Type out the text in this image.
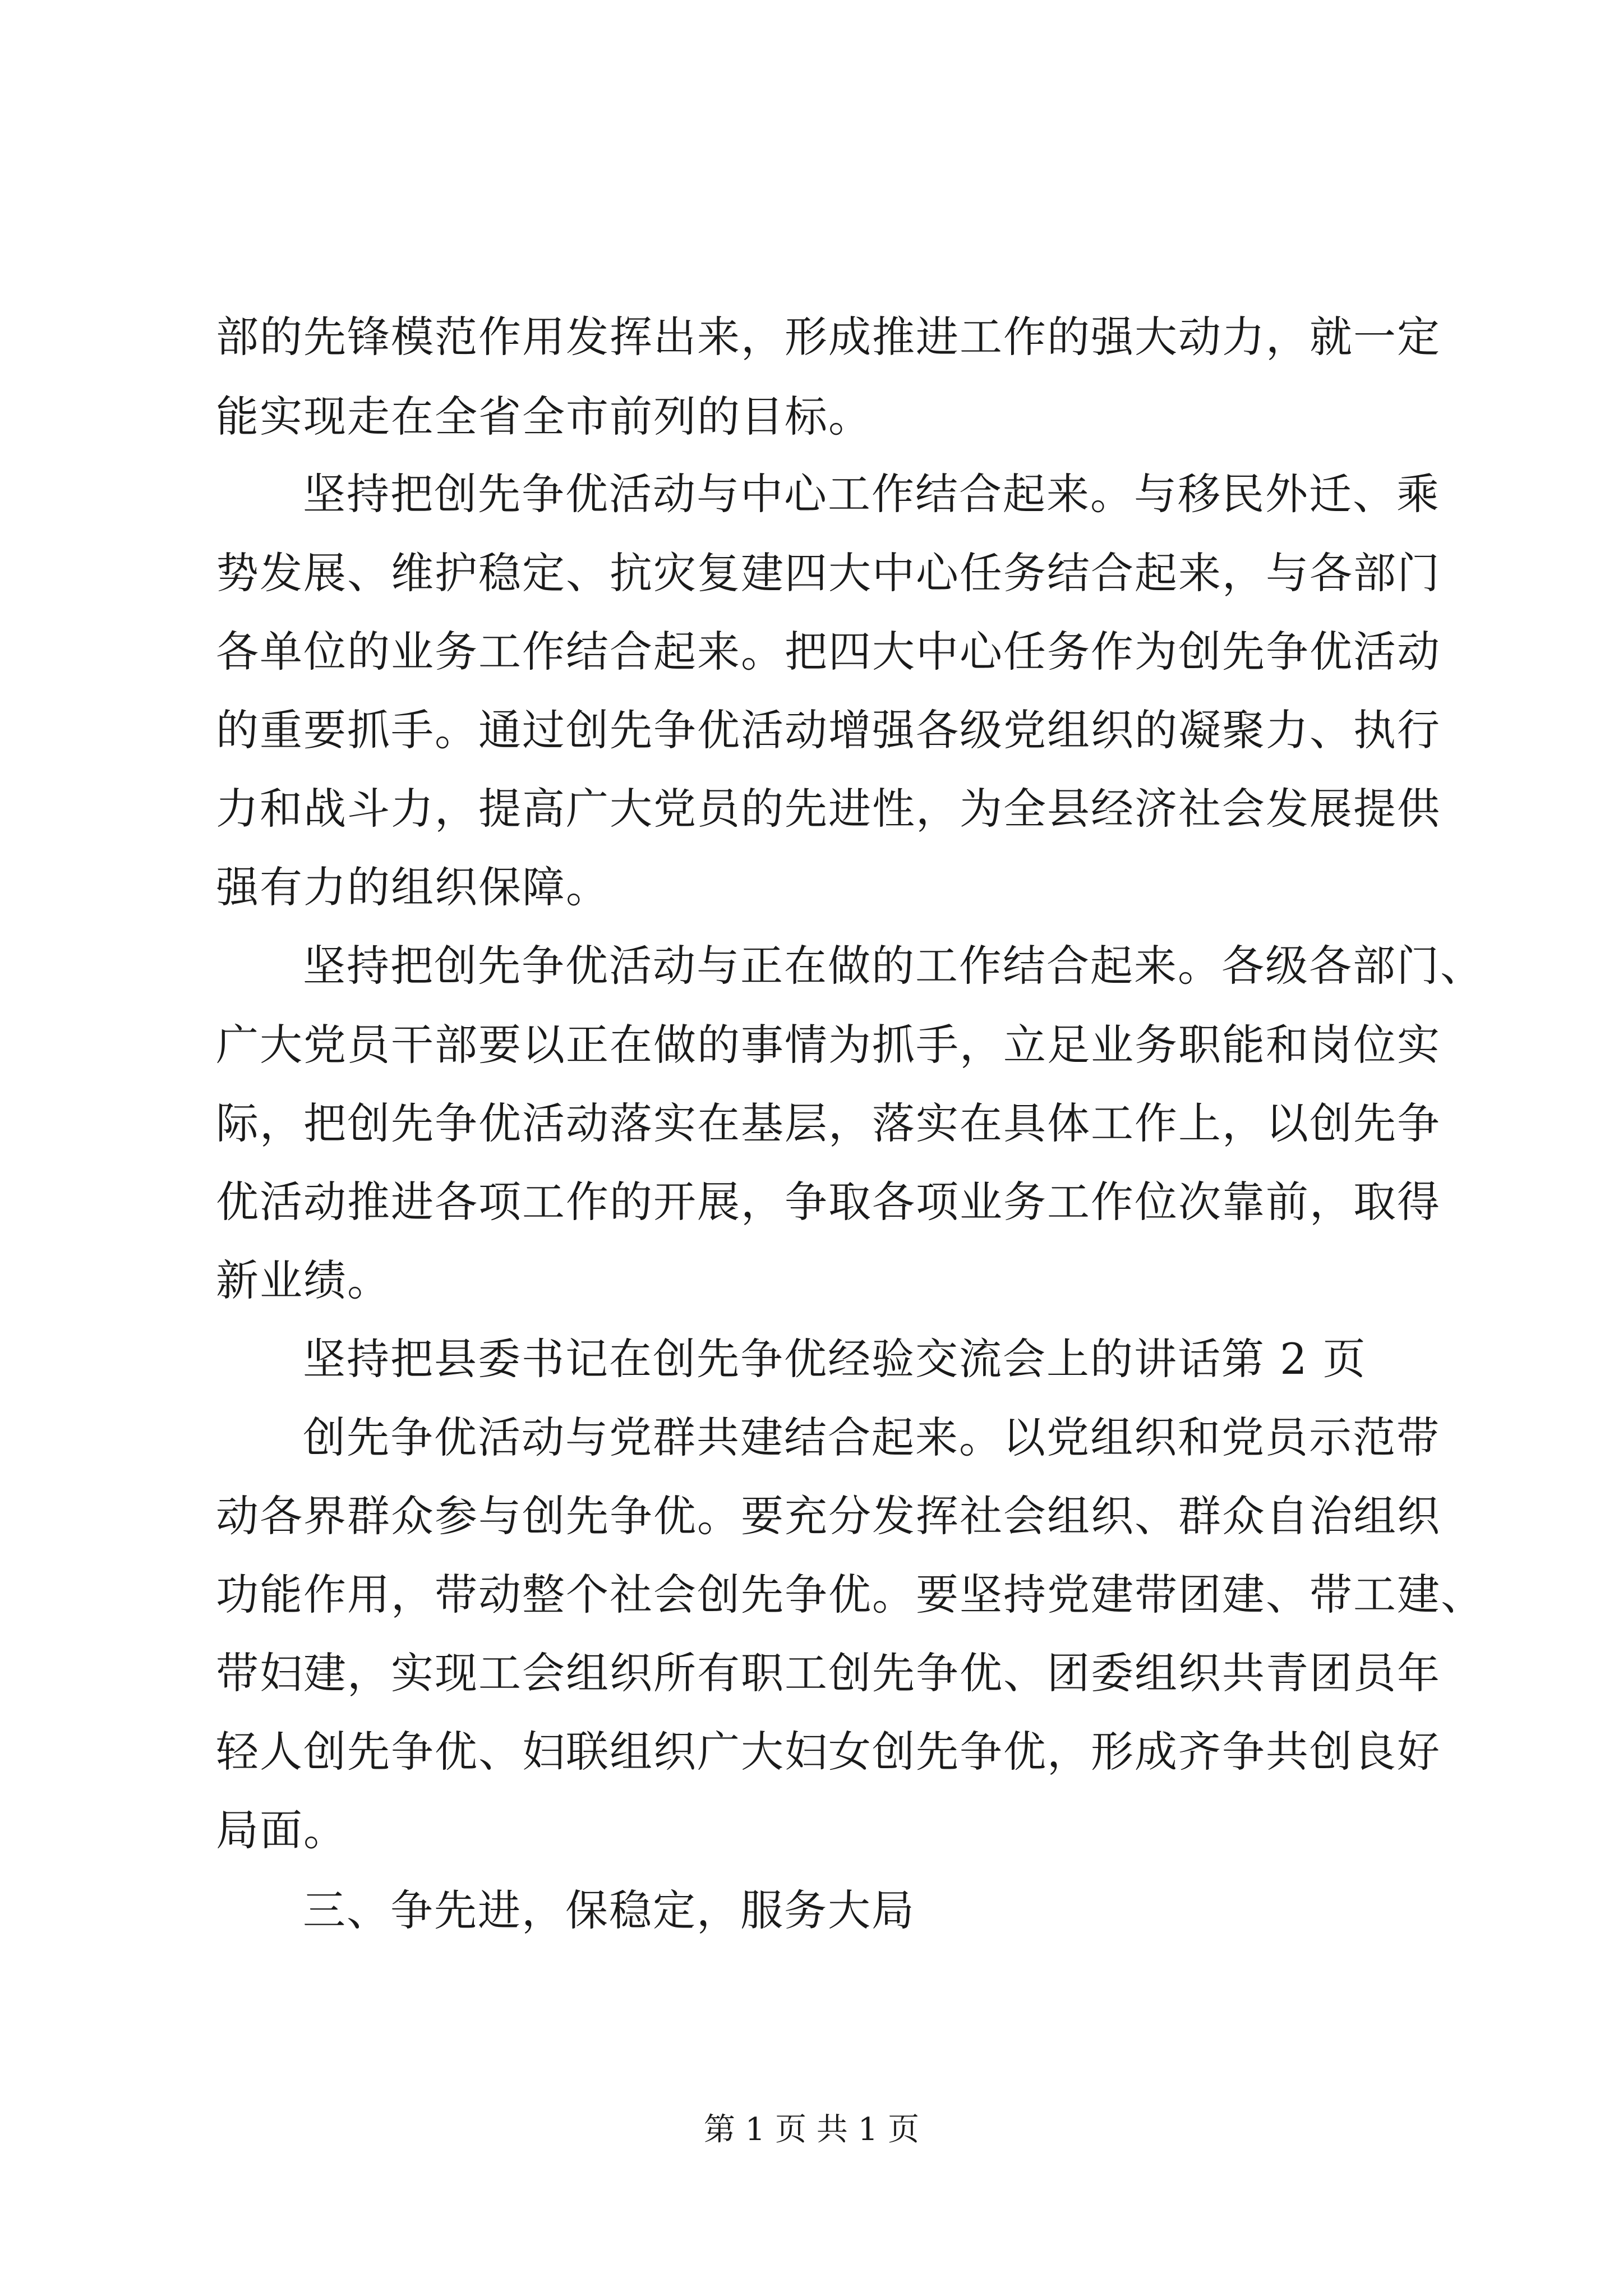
部的先锋模范作用发挥出来，形成推进工作的强大动力，就一定
能实现走在全省全市前列的目标。
坚持把创先争优活动与中心工作结合起来。与移民外迁、乘
势发展、维护稳定、抗灾复建四大中心任务结合起来，与各部门
各单位的业务工作结合起来。把四大中心任务作为创先争优活动
的重要抓手。通过创先争优活动增强各级党组织的凝聚力、执行
力和战斗力，提高广大党员的先进性，为全县经济社会发展提供
强有力的组织保障。
坚持把创先争优活动与正在做的工作结合起来。各级各部门、
广大党员干部要以正在做的事情为抓手，立足业务职能和岗位实
际，把创先争优活动落实在基层，落实在具体工作上，以创先争
优活动推进各项工作的开展，争取各项业务工作位次靠前，取得
新业绩。
坚持把县委书记在创先争优经验交流会上的讲话第 2 页
创先争优活动与党群共建结合起来。以党组织和党员示范带
动各界群众参与创先争优。要充分发挥社会组织、群众自治组织
功能作用，带动整个社会创先争优。要坚持党建带团建、带工建、
带妇建，实现工会组织所有职工创先争优、团委组织共青团员年
轻人创先争优、妇联组织广大妇女创先争优，形成齐争共创良好
局面。
三、争先进，保稳定，服务大局
第 1 页 共 1 页
